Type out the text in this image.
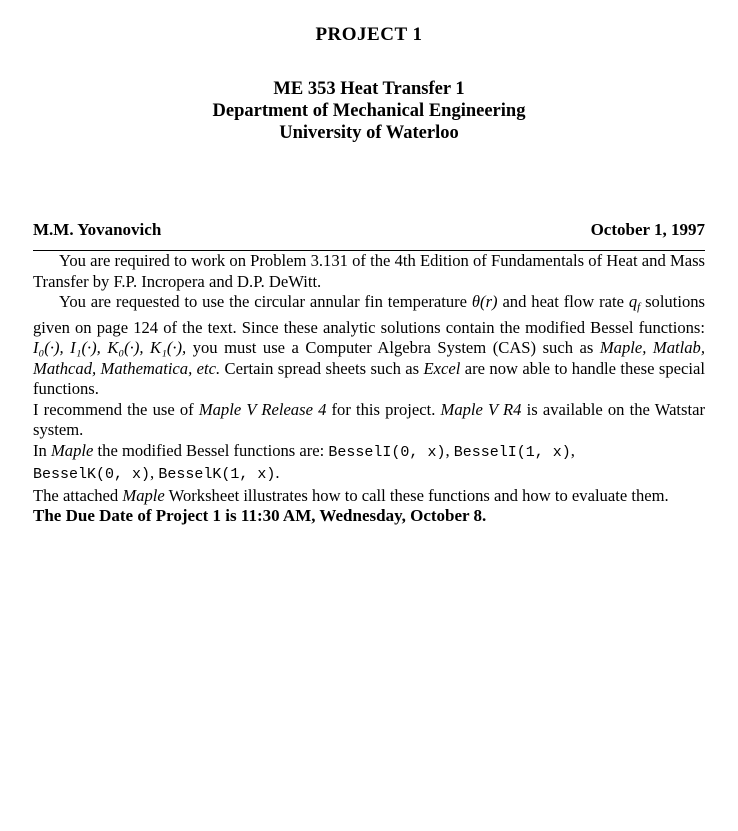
PROJECT 1
ME 353 Heat Transfer 1
Department of Mechanical Engineering
University of Waterloo
M.M. Yovanovich	October 1, 1997

You are required to work on Problem 3.131 of the 4th Edition of Fundamentals of Heat and Mass Transfer by F.P. Incropera and D.P. DeWitt.

You are requested to use the circular annular fin temperature θ(r) and heat flow rate $q_f$ solutions given on page 124 of the text. Since these analytic solutions contain the modified Bessel functions: I₀(·), I₁(·), K₀(·), K₁(·), you must use a Computer Algebra System (CAS) such as Maple, Matlab, Mathcad, Mathematica, etc. Certain spread sheets such as Excel are now able to handle these special functions.

I recommend the use of Maple V Release 4 for this project. Maple V R4 is available on the Watstar system.

In Maple the modified Bessel functions are: BesselI(0, x), BesselI(1, x),
BesselK(0, x), BesselK(1, x).

The attached Maple Worksheet illustrates how to call these functions and how to evaluate them.

The Due Date of Project 1 is 11:30 AM, Wednesday, October 8.
